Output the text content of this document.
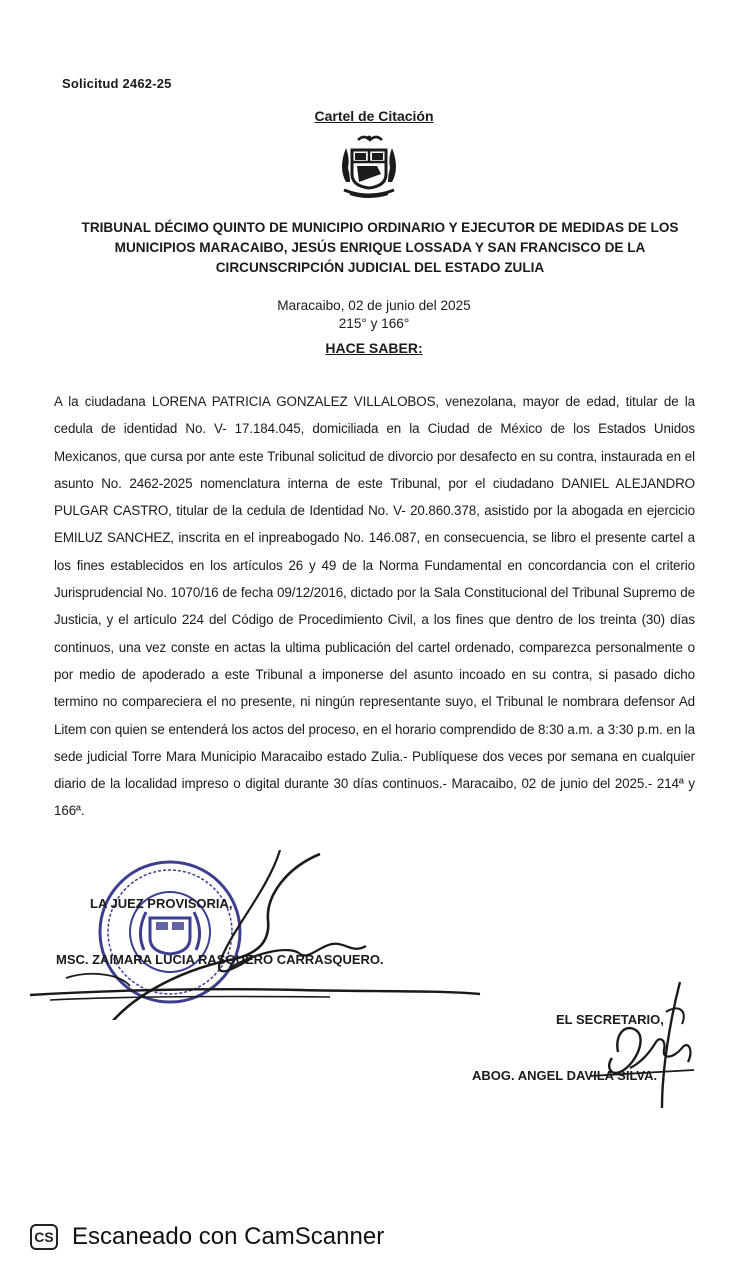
Solicitud 2462-25
Cartel de Citación
TRIBUNAL DÉCIMO QUINTO DE MUNICIPIO ORDINARIO Y EJECUTOR DE MEDIDAS DE LOS
MUNICIPIOS MARACAIBO, JESÚS ENRIQUE LOSSADA Y SAN FRANCISCO DE LA
CIRCUNSCRIPCIÓN JUDICIAL DEL ESTADO ZULIA
Maracaibo, 02 de junio del 2025
215° y 166°
HACE SABER:
A la ciudadana LORENA PATRICIA GONZALEZ VILLALOBOS, venezolana, mayor de edad, titular de la cedula de identidad No. V- 17.184.045, domiciliada en la Ciudad de México de los Estados Unidos Mexicanos, que cursa por ante este Tribunal solicitud de divorcio por desafecto en su contra, instaurada en el asunto No. 2462-2025 nomenclatura interna de este Tribunal, por el ciudadano DANIEL ALEJANDRO PULGAR CASTRO, titular de la cedula de Identidad No. V- 20.860.378, asistido por la abogada en ejercicio EMILUZ SANCHEZ, inscrita en el inpreabogado No. 146.087, en consecuencia, se libro el presente cartel a los fines establecidos en los artículos 26 y 49 de la Norma Fundamental en concordancia con el criterio Jurisprudencial No. 1070/16 de fecha 09/12/2016, dictado por la Sala Constitucional del Tribunal Supremo de Justicia, y el artículo 224 del Código de Procedimiento Civil, a los fines que dentro de los treinta (30) días continuos, una vez conste en actas la ultima publicación del cartel ordenado, comparezca personalmente o por medio de apoderado a este Tribunal a imponerse del asunto incoado en su contra, si pasado dicho termino no compareciera el no presente, ni ningún representante suyo, el Tribunal le nombrara defensor Ad Litem con quien se entenderá los actos del proceso, en el horario comprendido de 8:30 a.m. a 3:30 p.m. en la sede judicial Torre Mara Municipio Maracaibo estado Zulia.- Publíquese dos veces por semana en cualquier diario de la localidad impreso o digital durante 30 días continuos.- Maracaibo, 02 de junio del 2025.- 214ª y 166ª.
LA JUEZ PROVISORIA,
MSC. ZAIMARA LUCIA RASQUERO CARRASQUERO.
EL SECRETARIO,
ABOG. ANGEL DAVILA SILVA.
CS Escaneado con CamScanner
